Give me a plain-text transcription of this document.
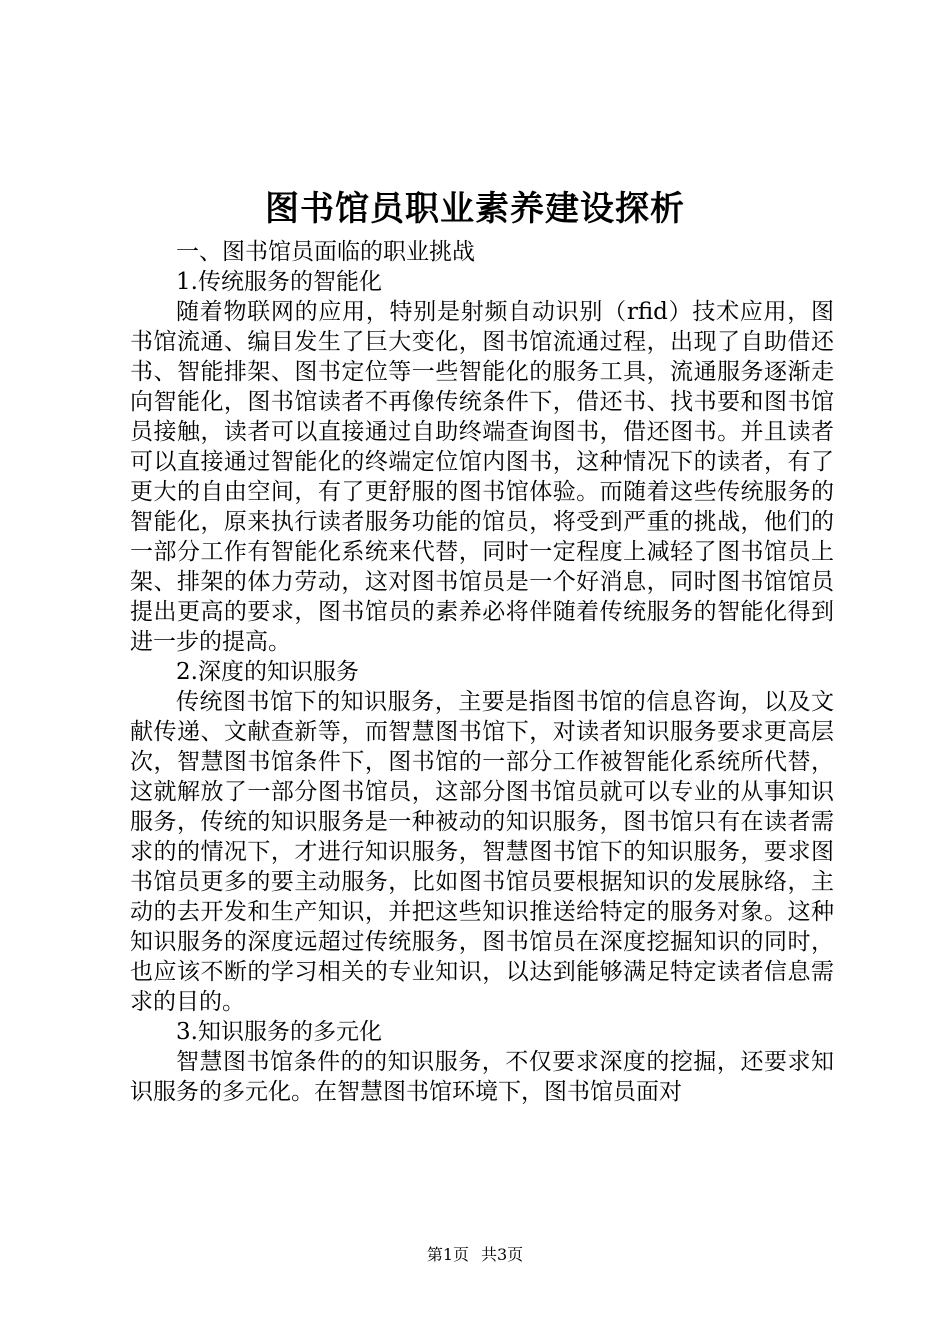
图书馆员职业素养建设探析

一、图书馆员面临的职业挑战

1.传统服务的智能化

随着物联网的应用，特别是射频自动识别（rfid）技术应用，图书馆流通、编目发生了巨大变化，图书馆流通过程，出现了自助借还书、智能排架、图书定位等一些智能化的服务工具，流通服务逐渐走向智能化，图书馆读者不再像传统条件下，借还书、找书要和图书馆员接触，读者可以直接通过自助终端查询图书，借还图书。并且读者可以直接通过智能化的终端定位馆内图书，这种情况下的读者，有了更大的自由空间，有了更舒服的图书馆体验。而随着这些传统服务的智能化，原来执行读者服务功能的馆员，将受到严重的挑战，他们的一部分工作有智能化系统来代替，同时一定程度上减轻了图书馆员上架、排架的体力劳动，这对图书馆员是一个好消息，同时图书馆馆员提出更高的要求，图书馆员的素养必将伴随着传统服务的智能化得到进一步的提高。

2.深度的知识服务

传统图书馆下的知识服务，主要是指图书馆的信息咨询，以及文献传递、文献查新等，而智慧图书馆下，对读者知识服务要求更高层次，智慧图书馆条件下，图书馆的一部分工作被智能化系统所代替，这就解放了一部分图书馆员，这部分图书馆员就可以专业的从事知识服务，传统的知识服务是一种被动的知识服务，图书馆只有在读者需求的的情况下，才进行知识服务，智慧图书馆下的知识服务，要求图书馆员更多的要主动服务，比如图书馆员要根据知识的发展脉络，主动的去开发和生产知识，并把这些知识推送给特定的服务对象。这种知识服务的深度远超过传统服务，图书馆员在深度挖掘知识的同时，也应该不断的学习相关的专业知识，以达到能够满足特定读者信息需求的目的。

3.知识服务的多元化

智慧图书馆条件的的知识服务，不仅要求深度的挖掘，还要求知识服务的多元化。在智慧图书馆环境下，图书馆员面对

第1页 共3页
